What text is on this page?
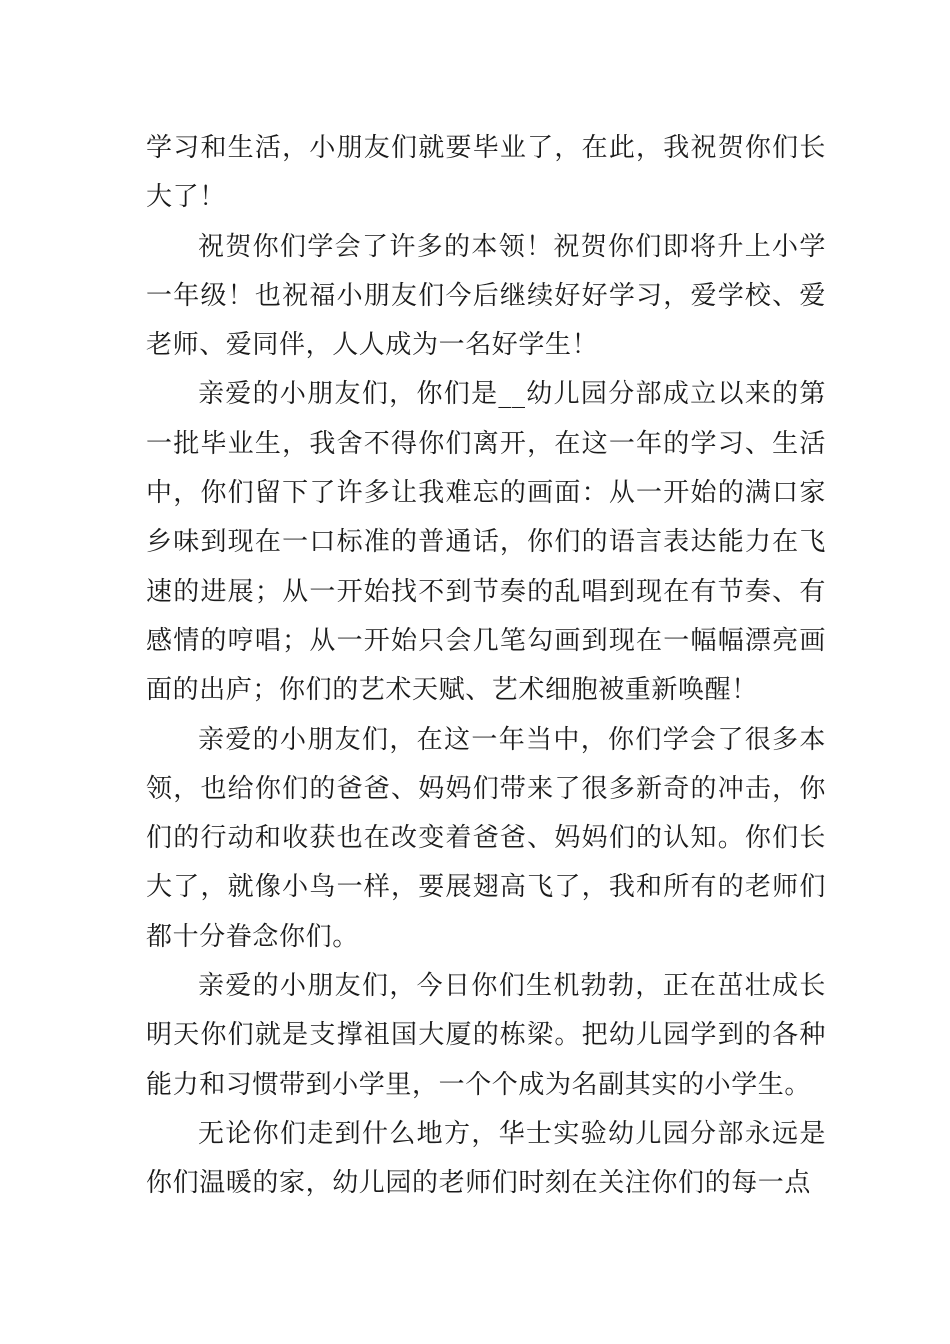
学习和生活，小朋友们就要毕业了，在此，我祝贺你们长大了！

祝贺你们学会了许多的本领！祝贺你们即将升上小学一年级！也祝福小朋友们今后继续好好学习，爱学校、爱老师、爱同伴，人人成为一名好学生！

亲爱的小朋友们，你们是__幼儿园分部成立以来的第一批毕业生，我舍不得你们离开，在这一年的学习、生活中，你们留下了许多让我难忘的画面：从一开始的满口家乡味到现在一口标准的普通话，你们的语言表达能力在飞速的进展；从一开始找不到节奏的乱唱到现在有节奏、有感情的哼唱；从一开始只会几笔勾画到现在一幅幅漂亮画面的出庐；你们的艺术天赋、艺术细胞被重新唤醒！

亲爱的小朋友们，在这一年当中，你们学会了很多本领，也给你们的爸爸、妈妈们带来了很多新奇的冲击，你们的行动和收获也在改变着爸爸、妈妈们的认知。你们长大了，就像小鸟一样，要展翅高飞了，我和所有的老师们都十分眷念你们。

亲爱的小朋友们，今日你们生机勃勃，正在茁壮成长明天你们就是支撑祖国大厦的栋梁。把幼儿园学到的各种能力和习惯带到小学里，一个个成为名副其实的小学生。

无论你们走到什么地方，华士实验幼儿园分部永远是你们温暖的家，幼儿园的老师们时刻在关注你们的每一点
